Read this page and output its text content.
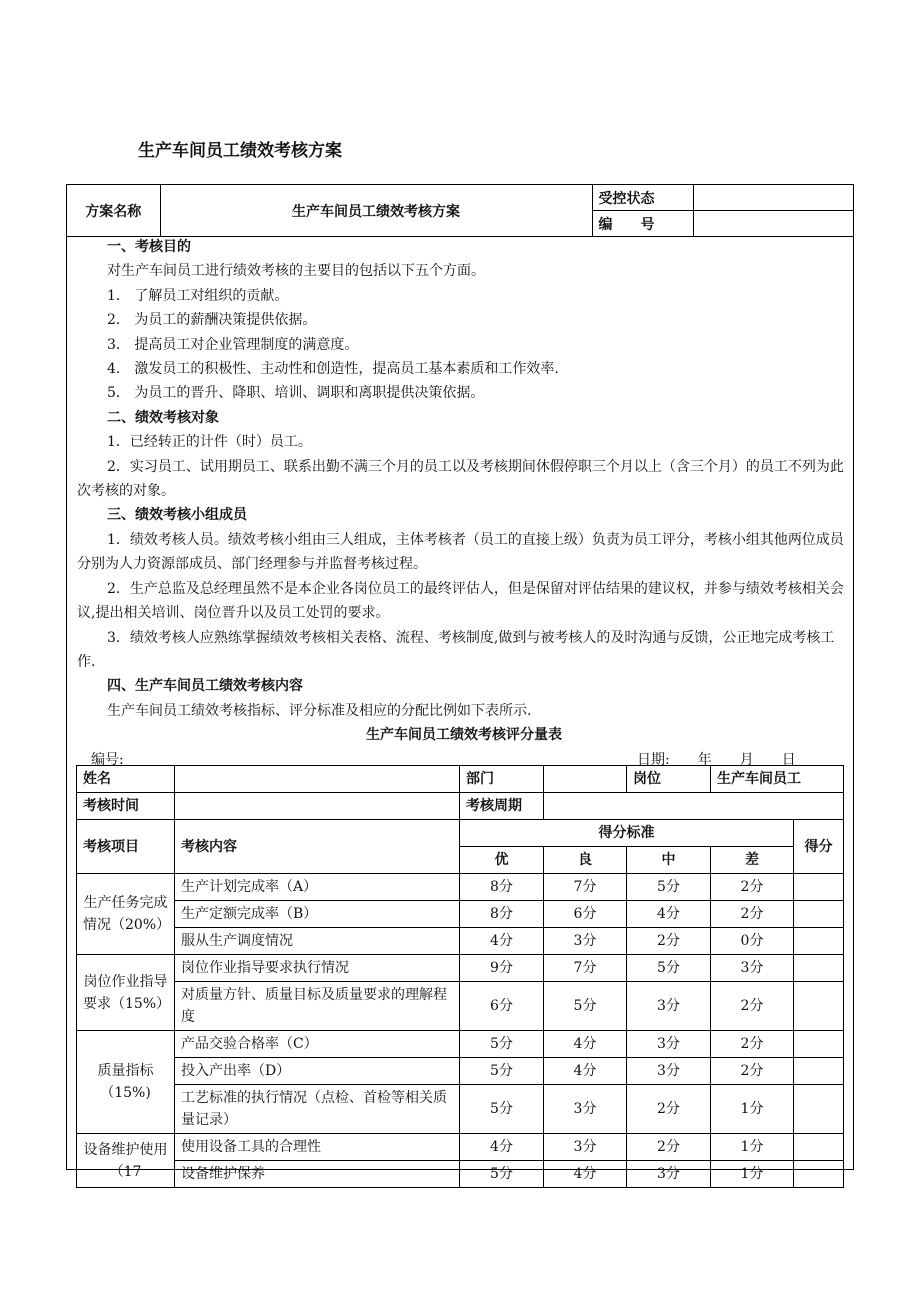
生产车间员工绩效考核方案
方案名称	生产车间员工绩效考核方案	受控状态	
		编　　号	

一、考核目的

对生产车间员工进行绩效考核的主要目的包括以下五个方面。

1． 了解员工对组织的贡献。

2． 为员工的薪酬决策提供依据。

3． 提高员工对企业管理制度的满意度。

4． 激发员工的积极性、主动性和创造性，提高员工基本素质和工作效率.

5． 为员工的晋升、降职、培训、调职和离职提供决策依据。

二、绩效考核对象

1．已经转正的计件（时）员工。

2．实习员工、试用期员工、联系出勤不满三个月的员工以及考核期间休假停职三个月以上（含三个月）的员工不列为此次考核的对象。

三、绩效考核小组成员

1．绩效考核人员。绩效考核小组由三人组成，主体考核者（员工的直接上级）负责为员工评分，考核小组其他两位成员分别为人力资源部成员、部门经理参与并监督考核过程。

2．生产总监及总经理虽然不是本企业各岗位员工的最终评估人，但是保留对评估结果的建议权，并参与绩效考核相关会议,提出相关培训、岗位晋升以及员工处罚的要求。

3．绩效考核人应熟练掌握绩效考核相关表格、流程、考核制度,做到与被考核人的及时沟通与反馈，公正地完成考核工作.

四、生产车间员工绩效考核内容

生产车间员工绩效考核指标、评分标准及相应的分配比例如下表所示.

生产车间员工绩效考核评分量表

编号:	日期:　　年　　月　　日
姓名		部门		岗位	生产车间员工	
考核时间		考核周期				
考核项目	考核内容	得分标准				得分
		优	良	中	差	
生产任务完成情况（20%）	生产计划完成率（A）	8分	7分	5分	2分	
	生产定额完成率（B）	8分	6分	4分	2分	
	服从生产调度情况	4分	3分	2分	0分	
岗位作业指导要求（15%）	岗位作业指导要求执行情况	9分	7分	5分	3分	
	对质量方针、质量目标及质量要求的理解程度	6分	5分	3分	2分	
质量指标（15%)	产品交验合格率（C）	5分	4分	3分	2分	
	投入产出率（D）	5分	4分	3分	2分	
	工艺标准的执行情况（点检、首检等相关质量记录）	5分	3分	2分	1分	
设备维护使用（17	使用设备工具的合理性	4分	3分	2分	1分	
	设备维护保养	5分	4分	3分	1分	
